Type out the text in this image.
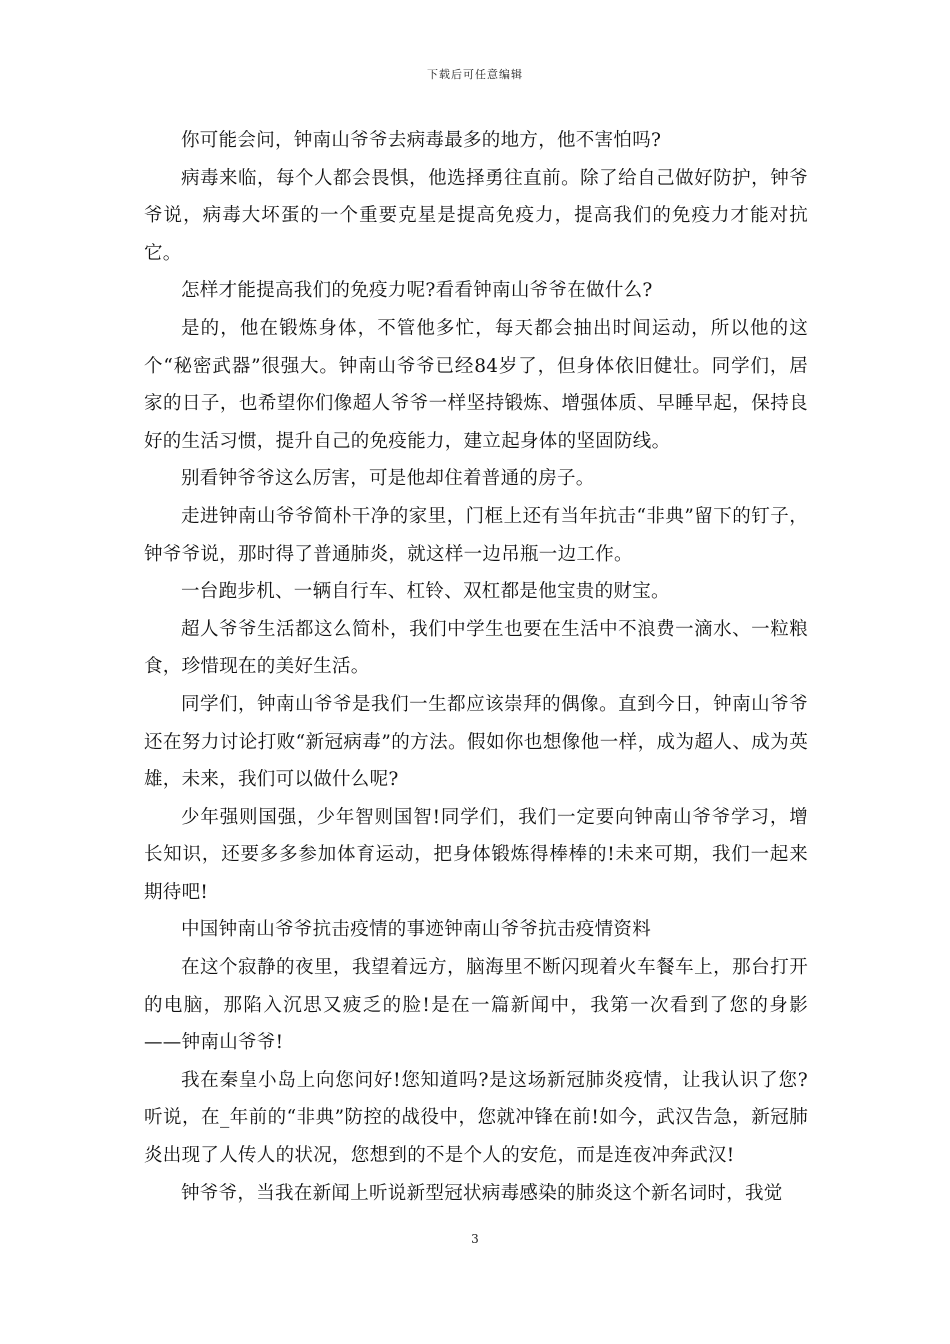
下载后可任意编辑

你可能会问，钟南山爷爷去病毒最多的地方，他不害怕吗?

病毒来临，每个人都会畏惧，他选择勇往直前。除了给自己做好防护，钟爷爷说，病毒大坏蛋的一个重要克星是提高免疫力，提高我们的免疫力才能对抗它。

怎样才能提高我们的免疫力呢?看看钟南山爷爷在做什么?

是的，他在锻炼身体，不管他多忙，每天都会抽出时间运动，所以他的这个“秘密武器”很强大。钟南山爷爷已经84岁了，但身体依旧健壮。同学们，居家的日子，也希望你们像超人爷爷一样坚持锻炼、增强体质、早睡早起，保持良好的生活习惯，提升自己的免疫能力，建立起身体的坚固防线。

别看钟爷爷这么厉害，可是他却住着普通的房子。

走进钟南山爷爷简朴干净的家里，门框上还有当年抗击“非典”留下的钉子，钟爷爷说，那时得了普通肺炎，就这样一边吊瓶一边工作。

一台跑步机、一辆自行车、杠铃、双杠都是他宝贵的财宝。

超人爷爷生活都这么简朴，我们中学生也要在生活中不浪费一滴水、一粒粮食，珍惜现在的美好生活。

同学们，钟南山爷爷是我们一生都应该崇拜的偶像。直到今日，钟南山爷爷还在努力讨论打败“新冠病毒”的方法。假如你也想像他一样，成为超人、成为英雄，未来，我们可以做什么呢?

少年强则国强，少年智则国智!同学们，我们一定要向钟南山爷爷学习，增长知识，还要多多参加体育运动，把身体锻炼得棒棒的!未来可期，我们一起来期待吧!

中国钟南山爷爷抗击疫情的事迹钟南山爷爷抗击疫情资料

在这个寂静的夜里，我望着远方，脑海里不断闪现着火车餐车上，那台打开的电脑，那陷入沉思又疲乏的脸!是在一篇新闻中，我第一次看到了您的身影——钟南山爷爷!

我在秦皇小岛上向您问好!您知道吗?是这场新冠肺炎疫情，让我认识了您?听说，在_年前的“非典”防控的战役中，您就冲锋在前!如今，武汉告急，新冠肺炎出现了人传人的状况，您想到的不是个人的安危，而是连夜冲奔武汉!

钟爷爷，当我在新闻上听说新型冠状病毒感染的肺炎这个新名词时，我觉

3
